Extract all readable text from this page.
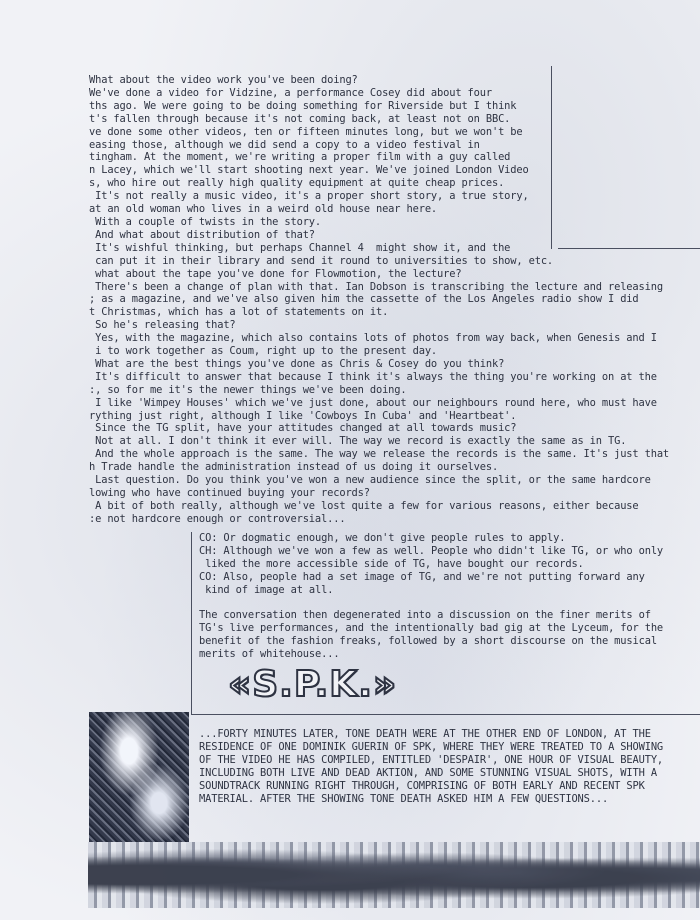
What about the video work you've been doing?
We've done a video for Vidzine, a performance Cosey did about four
ths ago. We were going to be doing something for Riverside but I think
t's fallen through because it's not coming back, at least not on BBC.
ve done some other videos, ten or fifteen minutes long, but we won't be
easing those, although we did send a copy to a video festival in
tingham. At the moment, we're writing a proper film with a guy called
n Lacey, which we'll start shooting next year. We've joined London Video
s, who hire out really high quality equipment at quite cheap prices.
It's not really a music video, it's a proper short story, a true story,
at an old woman who lives in a weird old house near here.
With a couple of twists in the story.
And what about distribution of that?
It's wishful thinking, but perhaps Channel 4  might show it, and the
can put it in their library and send it round to universities to show, etc.
what about the tape you've done for Flowmotion, the lecture?
There's been a change of plan with that. Ian Dobson is transcribing the lecture and releasing
; as a magazine, and we've also given him the cassette of the Los Angeles radio show I did
t Christmas, which has a lot of statements on it.
So he's releasing that?
Yes, with the magazine, which also contains lots of photos from way back, when Genesis and I
i to work together as Coum, right up to the present day.
What are the best things you've done as Chris & Cosey do you think?
It's difficult to answer that because I think it's always the thing you're working on at the
:, so for me it's the newer things we've been doing.
I like 'Wimpey Houses' which we've just done, about our neighbours round here, who must have
rything just right, although I like 'Cowboys In Cuba' and 'Heartbeat'.
Since the TG split, have your attitudes changed at all towards music?
Not at all. I don't think it ever will. The way we record is exactly the same as in TG.
And the whole approach is the same. The way we release the records is the same. It's just that
h Trade handle the administration instead of us doing it ourselves.
Last question. Do you think you've won a new audience since the split, or the same hardcore
lowing who have continued buying your records?
A bit of both really, although we've lost quite a few for various reasons, either because
:e not hardcore enough or controversial...
CO: Or dogmatic enough, we don't give people rules to apply.
CH: Although we've won a few as well. People who didn't like TG, or who only
liked the more accessible side of TG, have bought our records.
CO: Also, people had a set image of TG, and we're not putting forward any
kind of image at all.

The conversation then degenerated into a discussion on the finer merits of
TG's live performances, and the intentionally bad gig at the Lyceum, for the
benefit of the fashion freaks, followed by a short discourse on the musical
merits of whitehouse...
«S.P.K.»
...FORTY MINUTES LATER, TONE DEATH WERE AT THE OTHER END OF LONDON, AT THE
RESIDENCE OF ONE DOMINIK GUERIN OF SPK, WHERE THEY WERE TREATED TO A SHOWING
OF THE VIDEO HE HAS COMPILED, ENTITLED 'DESPAIR', ONE HOUR OF VISUAL BEAUTY,
INCLUDING BOTH LIVE AND DEAD AKTION, AND SOME STUNNING VISUAL SHOTS, WITH A
SOUNDTRACK RUNNING RIGHT THROUGH, COMPRISING OF BOTH EARLY AND RECENT SPK
MATERIAL. AFTER THE SHOWING TONE DEATH ASKED HIM A FEW QUESTIONS...
